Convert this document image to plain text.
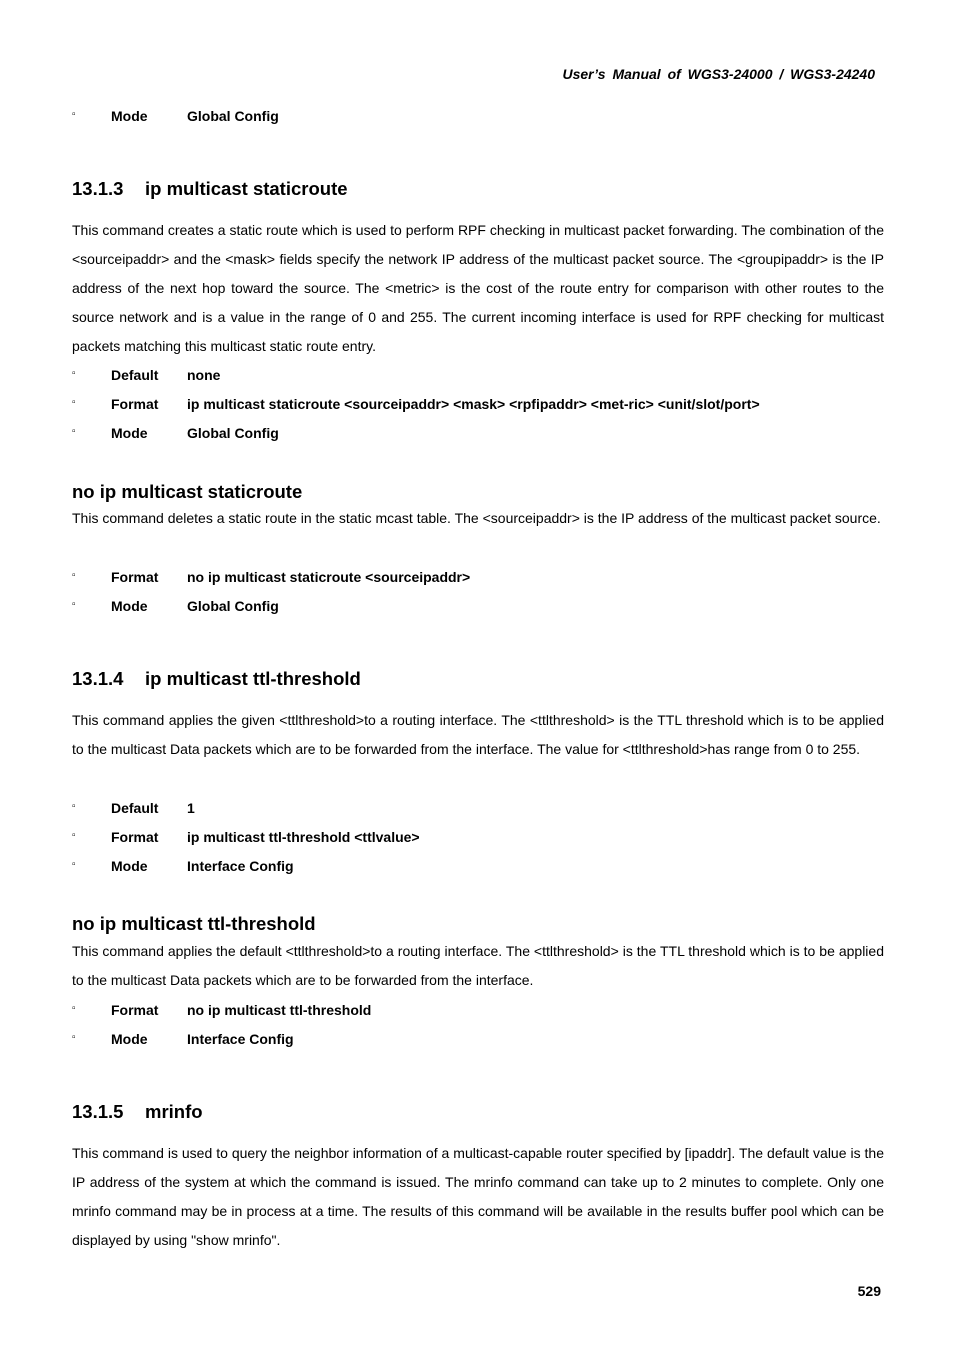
User’s Manual of WGS3-24000 / WGS3-24240
▫	Mode	Global Config
13.1.3 ip multicast staticroute
This command creates a static route which is used to perform RPF checking in multicast packet forwarding. The combination of the <sourceipaddr> and the <mask> fields specify the network IP address of the multicast packet source. The <groupipaddr> is the IP address of the next hop toward the source. The <metric> is the cost of the route entry for comparison with other routes to the source network and is a value in the range of 0 and 255. The current incoming interface is used for RPF checking for multicast packets matching this multicast static route entry.
▫	Default none
▫	Format ip multicast staticroute <sourceipaddr> <mask> <rpfipaddr> <met-ric> <unit/slot/port>
▫	Mode	Global Config
no ip multicast staticroute
This command deletes a static route in the static mcast table. The <sourceipaddr> is the IP address of the multicast packet source.
▫	Format no ip multicast staticroute <sourceipaddr>
▫	Mode	Global Config
13.1.4 ip multicast ttl-threshold
This command applies the given <ttlthreshold>to a routing interface. The <ttlthreshold> is the TTL threshold which is to be applied to the multicast Data packets which are to be forwarded from the interface. The value for <ttlthreshold>has range from 0 to 255.
▫	Default 1
▫	Format ip multicast ttl-threshold <ttlvalue>
▫	Mode	Interface Config
no ip multicast ttl-threshold
This command applies the default <ttlthreshold>to a routing interface. The <ttlthreshold> is the TTL threshold which is to be applied to the multicast Data packets which are to be forwarded from the interface.
▫	Format no ip multicast ttl-threshold
▫	Mode	Interface Config
13.1.5 mrinfo
This command is used to query the neighbor information of a multicast-capable router specified by [ipaddr]. The default value is the IP address of the system at which the command is issued. The mrinfo command can take up to 2 minutes to complete. Only one mrinfo command may be in process at a time. The results of this command will be available in the results buffer pool which can be displayed by using "show mrinfo".
529
